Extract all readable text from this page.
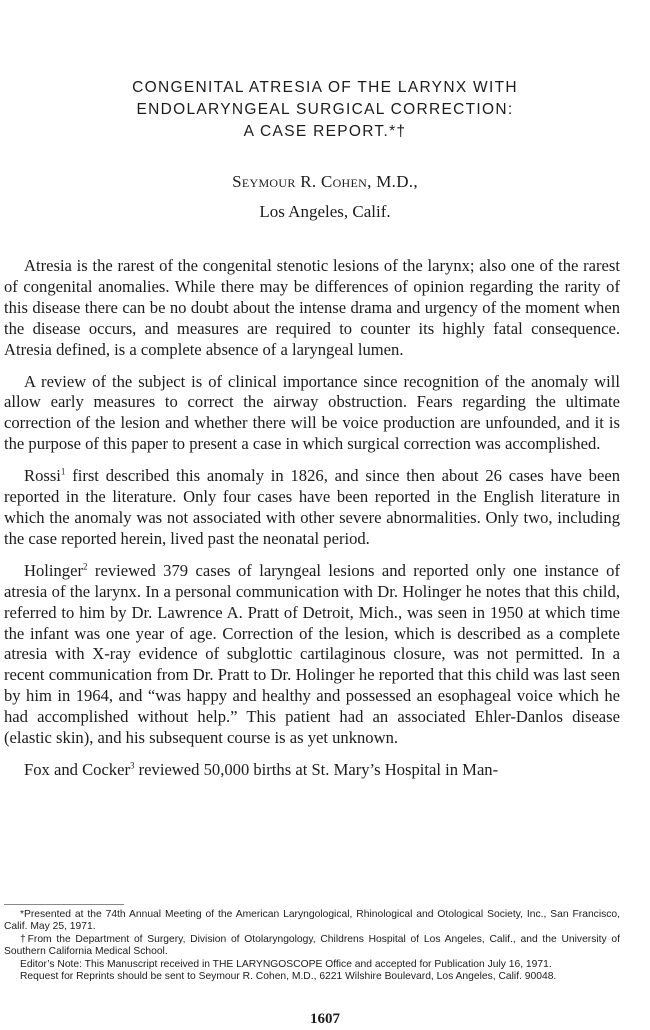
CONGENITAL ATRESIA OF THE LARYNX WITH
ENDOLARYNGEAL SURGICAL CORRECTION:
A CASE REPORT.*†
Seymour R. Cohen, M.D.,
Los Angeles, Calif.

Atresia is the rarest of the congenital stenotic lesions of the larynx; also one of the rarest of congenital anomalies. While there may be differences of opinion regarding the rarity of this disease there can be no doubt about the intense drama and urgency of the moment when the disease occurs, and measures are required to counter its highly fatal consequence. Atresia defined, is a complete absence of a laryngeal lumen.

A review of the subject is of clinical importance since recognition of the anomaly will allow early measures to correct the airway obstruction. Fears regarding the ultimate correction of the lesion and whether there will be voice production are unfounded, and it is the purpose of this paper to present a case in which surgical correction was accomplished.

Rossi$^1$ first described this anomaly in 1826, and since then about 26 cases have been reported in the literature. Only four cases have been reported in the English literature in which the anomaly was not associated with other severe abnormalities. Only two, including the case reported herein, lived past the neonatal period.

Holinger$^2$ reviewed 379 cases of laryngeal lesions and reported only one instance of atresia of the larynx. In a personal communication with Dr. Holinger he notes that this child, referred to him by Dr. Lawrence A. Pratt of Detroit, Mich., was seen in 1950 at which time the infant was one year of age. Correction of the lesion, which is described as a complete atresia with X-ray evidence of subglottic cartilaginous closure, was not permitted. In a recent communication from Dr. Pratt to Dr. Holinger he reported that this child was last seen by him in 1964, and “was happy and healthy and possessed an esophageal voice which he had accomplished without help.” This patient had an associated Ehler-Danlos disease (elastic skin), and his subsequent course is as yet unknown.

Fox and Cocker$^3$ reviewed 50,000 births at St. Mary’s Hospital in Man-

*Presented at the 74th Annual Meeting of the American Laryngological, Rhinological and Otological Society, Inc., San Francisco, Calif. May 25, 1971.

†From the Department of Surgery, Division of Otolaryngology, Childrens Hospital of Los Angeles, Calif., and the University of Southern California Medical School.

Editor’s Note: This Manuscript received in THE LARYNGOSCOPE Office and accepted for Publication July 16, 1971.

Request for Reprints should be sent to Seymour R. Cohen, M.D., 6221 Wilshire Boulevard, Los Angeles, Calif. 90048.

1607
